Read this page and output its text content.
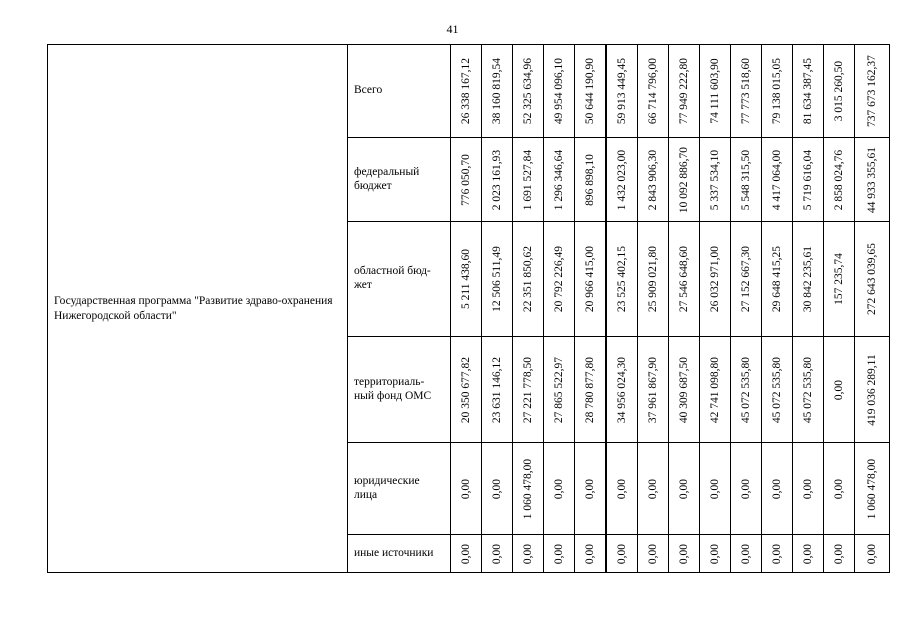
41
Государственная программа "Развитие здраво-охранения Нижегородской области"	Всего	26 338 167,12	38 160 819,54	52 325 634,96	49 954 096,10	50 644 190,90	59 913 449,45	66 714 796,00	77 949 222,80	74 111 603,90	77 773 518,60	79 138 015,05	81 634 387,45	3 015 260,50	737 673 162,37

	федеральный бюджет	776 050,70	2 023 161,93	1 691 527,84	1 296 346,64	896 898,10	1 432 023,00	2 843 906,30	10 092 886,70	5 337 534,10	5 548 315,50	4 417 064,00	5 719 616,04	2 858 024,76	44 933 355,61

	областной бюд-жет	5 211 438,60	12 506 511,49	22 351 850,62	20 792 226,49	20 966 415,00	23 525 402,15	25 909 021,80	27 546 648,60	26 032 971,00	27 152 667,30	29 648 415,25	30 842 235,61	157 235,74	272 643 039,65

	территориаль-ный фонд ОМС	20 350 677,82	23 631 146,12	27 221 778,50	27 865 522,97	28 780 877,80	34 956 024,30	37 961 867,90	40 309 687,50	42 741 098,80	45 072 535,80	45 072 535,80	45 072 535,80	0,00	419 036 289,11

	юридические лица	0,00	0,00	1 060 478,00	0,00	0,00	0,00	0,00	0,00	0,00	0,00	0,00	0,00	0,00	1 060 478,00

	иные источники	0,00	0,00	0,00	0,00	0,00	0,00	0,00	0,00	0,00	0,00	0,00	0,00	0,00	0,00
